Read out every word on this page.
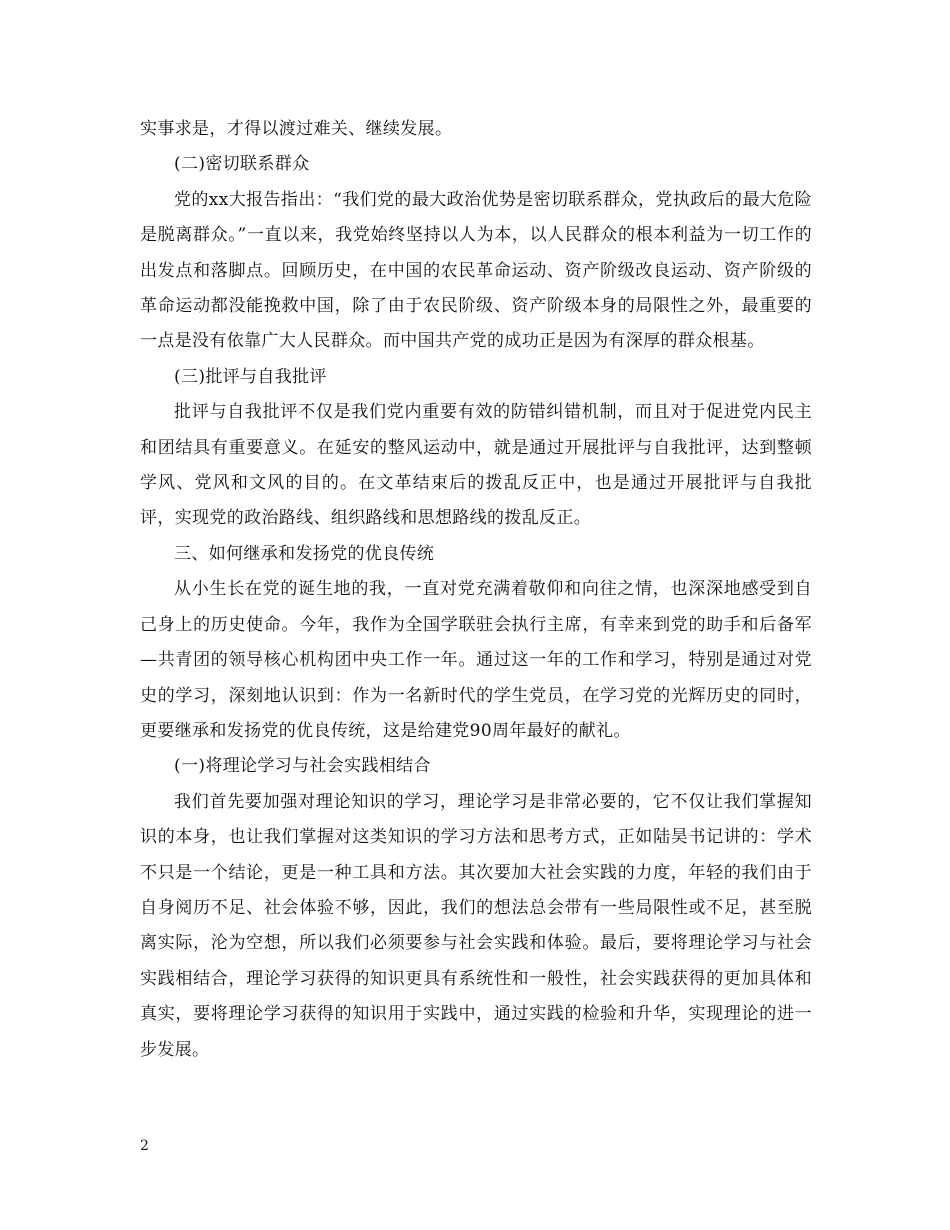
实事求是，才得以渡过难关、继续发展。

(二)密切联系群众

党的xx大报告指出：“我们党的最大政治优势是密切联系群众，党执政后的最大危险是脱离群众。”一直以来，我党始终坚持以人为本，以人民群众的根本利益为一切工作的出发点和落脚点。回顾历史，在中国的农民革命运动、资产阶级改良运动、资产阶级的革命运动都没能挽救中国，除了由于农民阶级、资产阶级本身的局限性之外，最重要的一点是没有依靠广大人民群众。而中国共产党的成功正是因为有深厚的群众根基。

(三)批评与自我批评

批评与自我批评不仅是我们党内重要有效的防错纠错机制，而且对于促进党内民主和团结具有重要意义。在延安的整风运动中，就是通过开展批评与自我批评，达到整顿学风、党风和文风的目的。在文革结束后的拨乱反正中，也是通过开展批评与自我批评，实现党的政治路线、组织路线和思想路线的拨乱反正。

三、如何继承和发扬党的优良传统

从小生长在党的诞生地的我，一直对党充满着敬仰和向往之情，也深深地感受到自己身上的历史使命。今年，我作为全国学联驻会执行主席，有幸来到党的助手和后备军—共青团的领导核心机构团中央工作一年。通过这一年的工作和学习，特别是通过对党史的学习，深刻地认识到：作为一名新时代的学生党员，在学习党的光辉历史的同时，更要继承和发扬党的优良传统，这是给建党90周年最好的献礼。

(一)将理论学习与社会实践相结合

我们首先要加强对理论知识的学习，理论学习是非常必要的，它不仅让我们掌握知识的本身，也让我们掌握对这类知识的学习方法和思考方式，正如陆昊书记讲的：学术不只是一个结论，更是一种工具和方法。其次要加大社会实践的力度，年轻的我们由于自身阅历不足、社会体验不够，因此，我们的想法总会带有一些局限性或不足，甚至脱离实际，沦为空想，所以我们必须要参与社会实践和体验。最后，要将理论学习与社会实践相结合，理论学习获得的知识更具有系统性和一般性，社会实践获得的更加具体和真实，要将理论学习获得的知识用于实践中，通过实践的检验和升华，实现理论的进一步发展。

2
